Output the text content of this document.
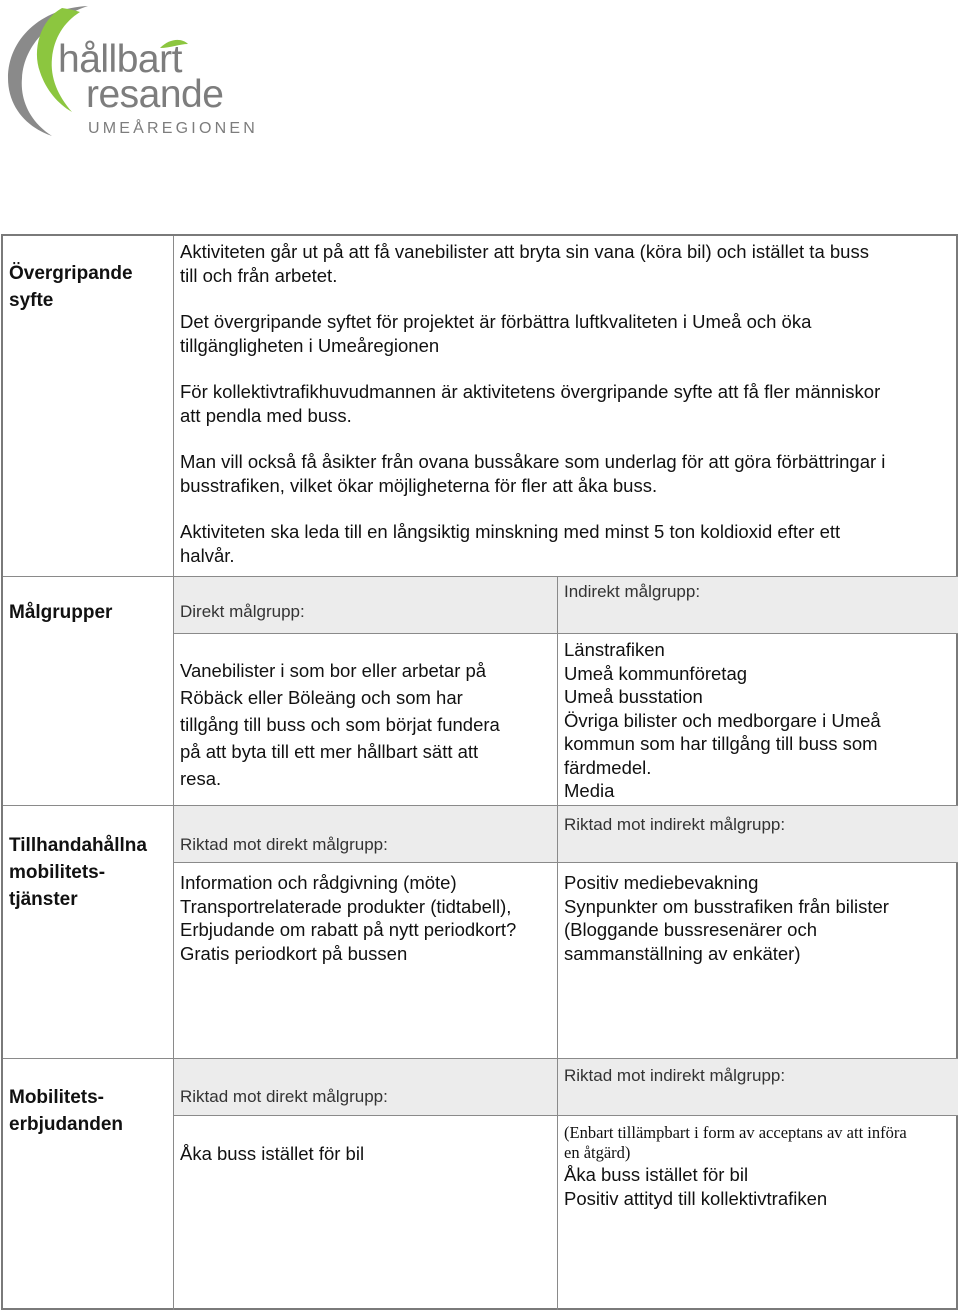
hållbart
resande
UMEÅREGIONEN
Övergripande
syfte
Aktiviteten går ut på att få vanebilister att bryta sin vana (köra bil) och istället ta buss
till och från arbetet.
Det övergripande syftet för projektet är förbättra luftkvaliteten i Umeå och öka
tillgängligheten i Umeåregionen
För kollektivtrafikhuvudmannen är aktivitetens övergripande syfte att få fler människor
att pendla med buss.
Man vill också få åsikter från ovana bussåkare som underlag för att göra förbättringar i
busstrafiken, vilket ökar möjligheterna för fler att åka buss.
Aktiviteten ska leda till en långsiktig minskning med minst 5 ton koldioxid efter ett
halvår.
Målgrupper	Direkt målgrupp:
Indirekt målgrupp:
Vanebilister i som bor eller arbetar på
Röbäck eller Böleäng och som har
tillgång till buss och som börjat fundera
på att byta till ett mer hållbart sätt att
resa.
Länstrafiken
Umeå kommunföretag
Umeå busstation
Övriga bilister och medborgare i Umeå
kommun som har tillgång till buss som
färdmedel.
Media
Tillhandahållna
mobilitets-
tjänster
Riktad mot direkt målgrupp:
Riktad mot indirekt målgrupp:
Information och rådgivning (möte)
Transportrelaterade produkter (tidtabell),
Erbjudande om rabatt på nytt periodkort?
Gratis periodkort på bussen
Positiv mediebevakning
Synpunkter om busstrafiken från bilister
(Bloggande bussresenärer och
sammanställning av enkäter)
Mobilitets-
erbjudanden
Riktad mot direkt målgrupp:
Riktad mot indirekt målgrupp:
Åka buss istället för bil
(Enbart tillämpbart i form av acceptans av att införa
en åtgärd)
Åka buss istället för bil
Positiv attityd till kollektivtrafiken
